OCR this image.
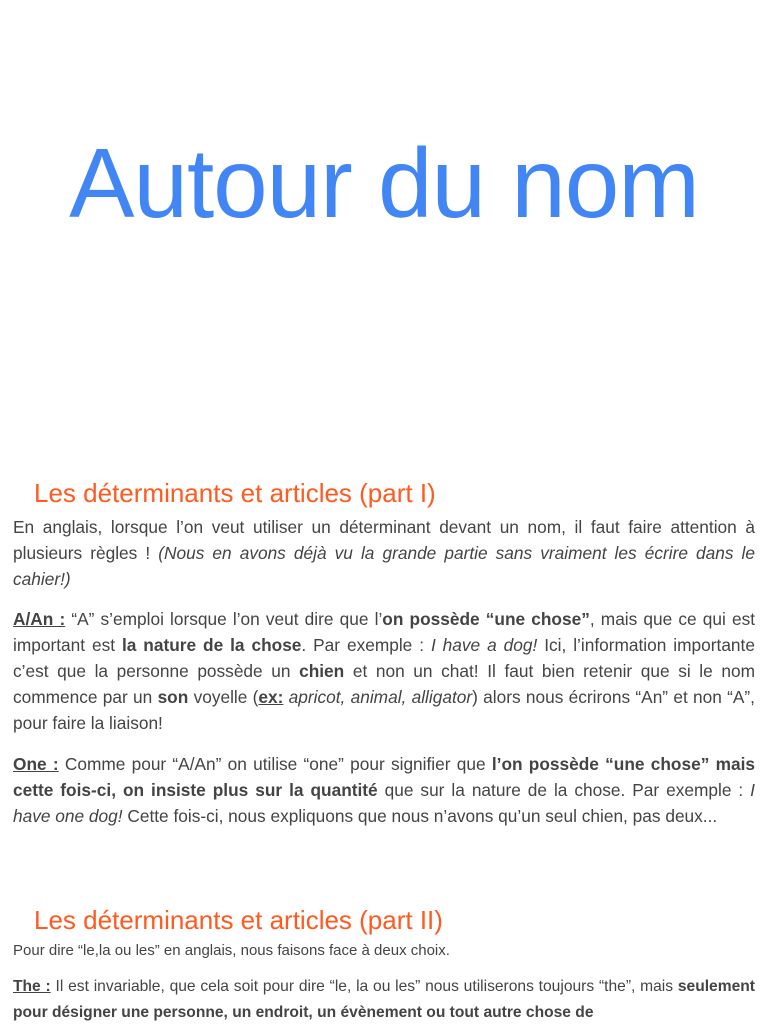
Autour du nom
Les déterminants et articles (part I)
En anglais, lorsque l’on veut utiliser un déterminant devant un nom, il faut faire attention à plusieurs règles ! (Nous en avons déjà vu la grande partie sans vraiment les écrire dans le cahier!)
A/An : “A” s’emploi lorsque l’on veut dire que l’on possède “une chose”, mais que ce qui est important est la nature de la chose. Par exemple : I have a dog! Ici, l’information importante c’est que la personne possède un chien et non un chat! Il faut bien retenir que si le nom commence par un son voyelle (ex: apricot, animal, alligator) alors nous écrirons “An” et non “A”, pour faire la liaison!
One : Comme pour “A/An” on utilise “one” pour signifier que l’on possède “une chose” mais cette fois-ci, on insiste plus sur la quantité que sur la nature de la chose. Par exemple : I have one dog! Cette fois-ci, nous expliquons que nous n’avons qu’un seul chien, pas deux...
Les déterminants et articles (part II)
Pour dire “le,la ou les” en anglais, nous faisons face à deux choix.
The : Il est invariable, que cela soit pour dire “le, la ou les” nous utiliserons toujours “the”, mais seulement pour désigner une personne, un endroit, un évènement ou tout autre chose de
